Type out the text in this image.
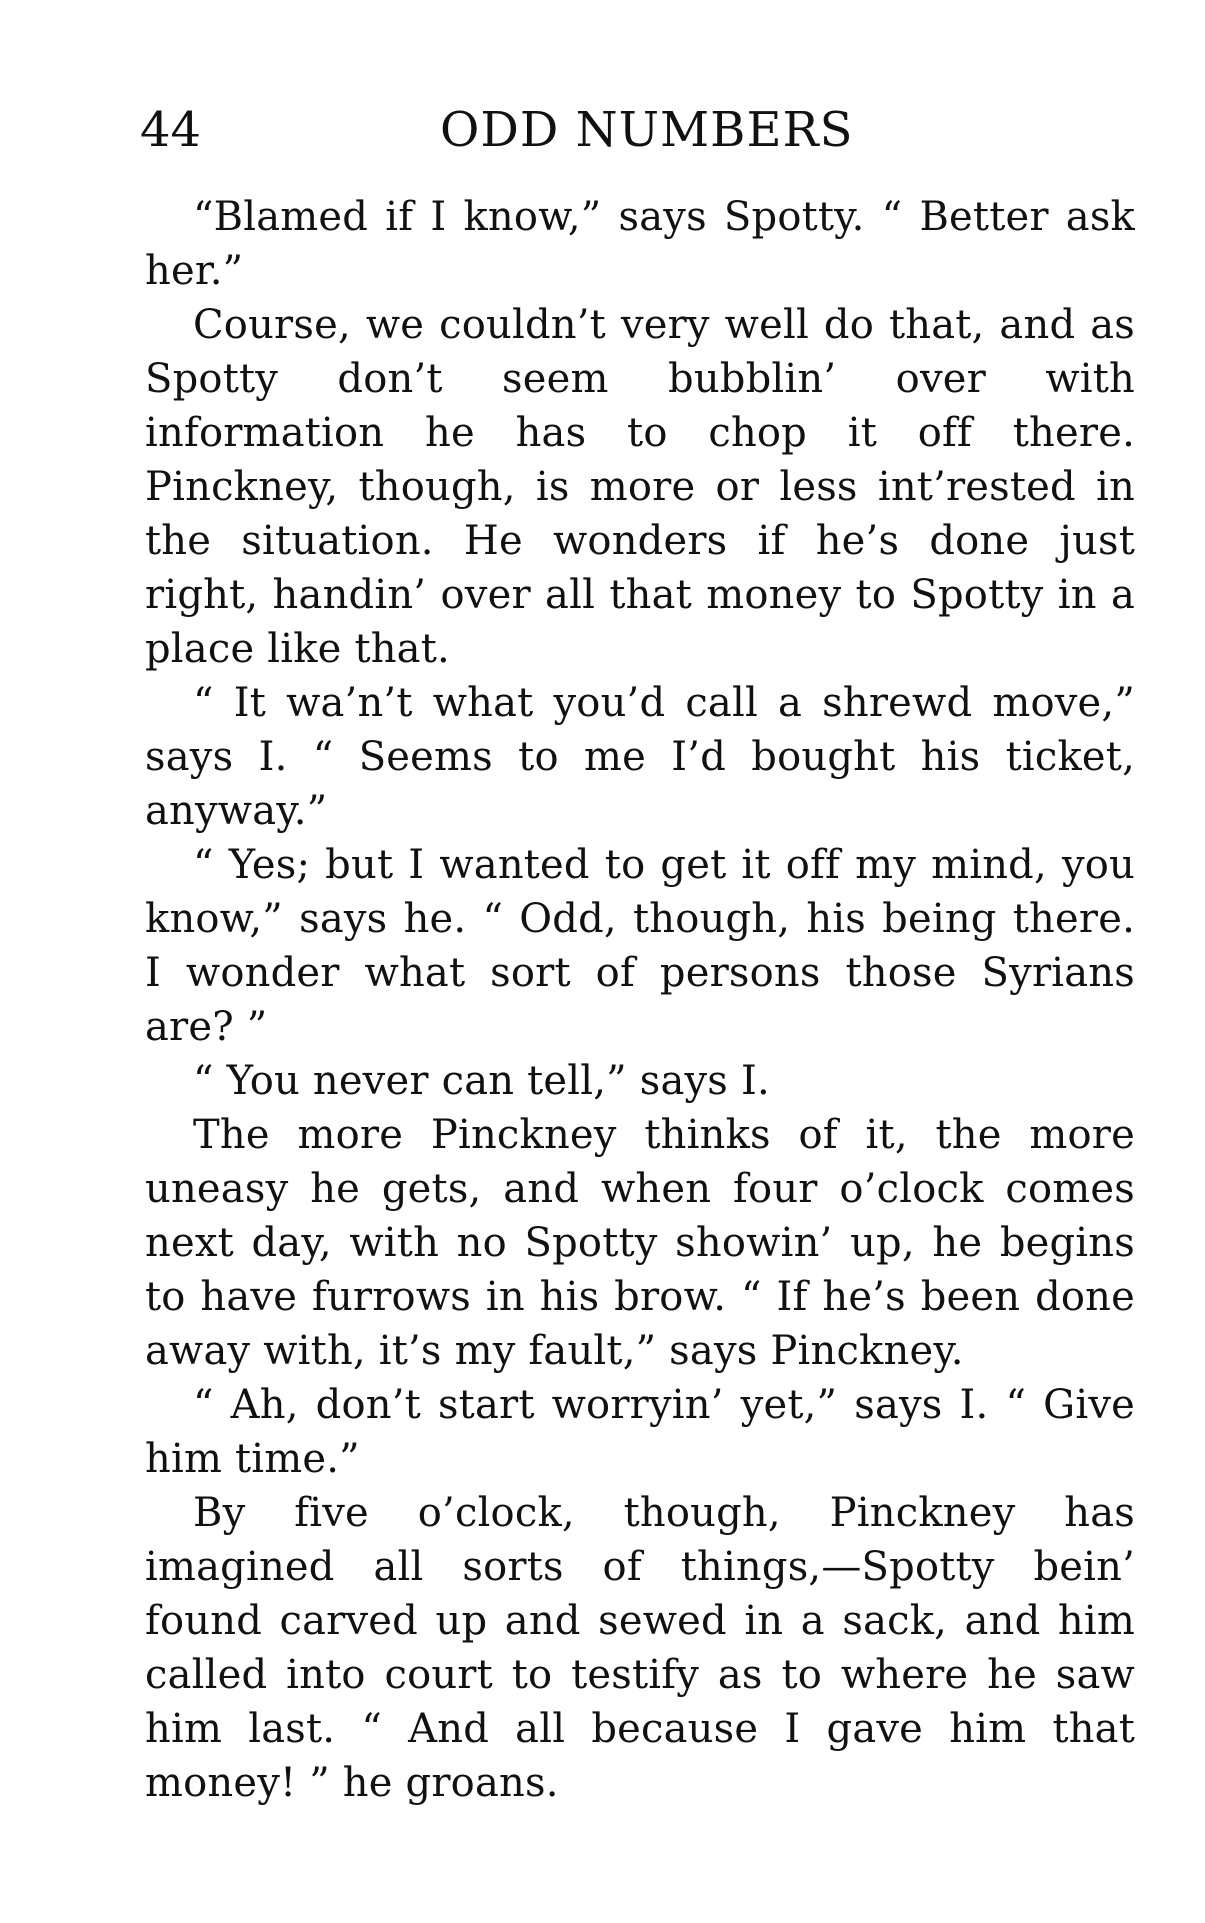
44	ODD NUMBERS

“Blamed if I know,” says Spotty. “ Better ask her.”

Course, we couldn’t very well do that, and as Spotty don’t seem bubblin’ over with information he has to chop it off there. Pinckney, though, is more or less int’rested in the situation. He wonders if he’s done just right, handin’ over all that money to Spotty in a place like that.

“ It wa’n’t what you’d call a shrewd move,” says I. “ Seems to me I’d bought his ticket, anyway.”

“ Yes; but I wanted to get it off my mind, you know,” says he. “ Odd, though, his being there. I wonder what sort of persons those Syrians are? ”

“ You never can tell,” says I.

The more Pinckney thinks of it, the more uneasy he gets, and when four o’clock comes next day, with no Spotty showin’ up, he begins to have furrows in his brow. “ If he’s been done away with, it’s my fault,” says Pinckney.

“ Ah, don’t start worryin’ yet,” says I. “ Give him time.”

By five o’clock, though, Pinckney has imagined all sorts of things,—Spotty bein’ found carved up and sewed in a sack, and him called into court to testify as to where he saw him last. “ And all because I gave him that money! ” he groans.
